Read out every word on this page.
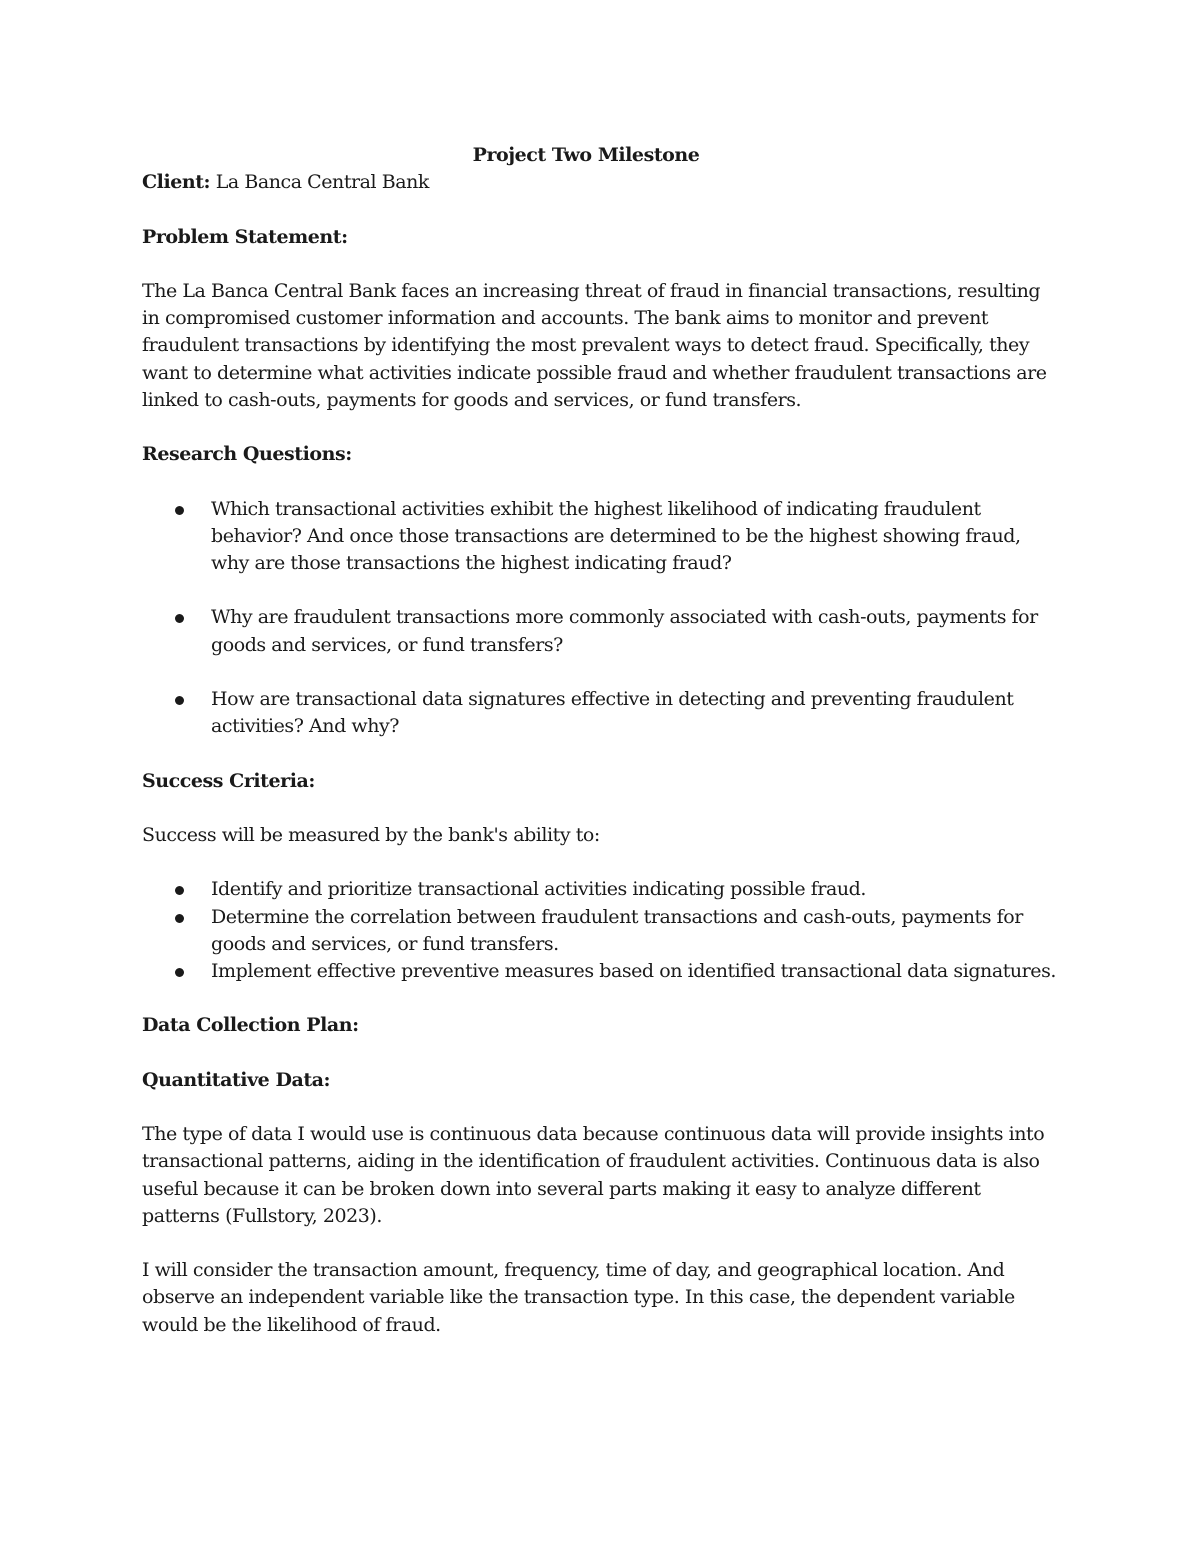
Project Two Milestone

Client: La Banca Central Bank

Problem Statement:

The La Banca Central Bank faces an increasing threat of fraud in financial transactions, resulting in compromised customer information and accounts. The bank aims to monitor and prevent fraudulent transactions by identifying the most prevalent ways to detect fraud. Specifically, they want to determine what activities indicate possible fraud and whether fraudulent transactions are linked to cash-outs, payments for goods and services, or fund transfers.

Research Questions:

Which transactional activities exhibit the highest likelihood of indicating fraudulent behavior? And once those transactions are determined to be the highest showing fraud, why are those transactions the highest indicating fraud?
Why are fraudulent transactions more commonly associated with cash-outs, payments for goods and services, or fund transfers?
How are transactional data signatures effective in detecting and preventing fraudulent activities? And why?

Success Criteria:

Success will be measured by the bank's ability to:

Identify and prioritize transactional activities indicating possible fraud.
Determine the correlation between fraudulent transactions and cash-outs, payments for goods and services, or fund transfers.
Implement effective preventive measures based on identified transactional data signatures.

Data Collection Plan:

Quantitative Data:

The type of data I would use is continuous data because continuous data will provide insights into transactional patterns, aiding in the identification of fraudulent activities. Continuous data is also useful because it can be broken down into several parts making it easy to analyze different patterns (Fullstory, 2023).

I will consider the transaction amount, frequency, time of day, and geographical location. And observe an independent variable like the transaction type. In this case, the dependent variable would be the likelihood of fraud.
